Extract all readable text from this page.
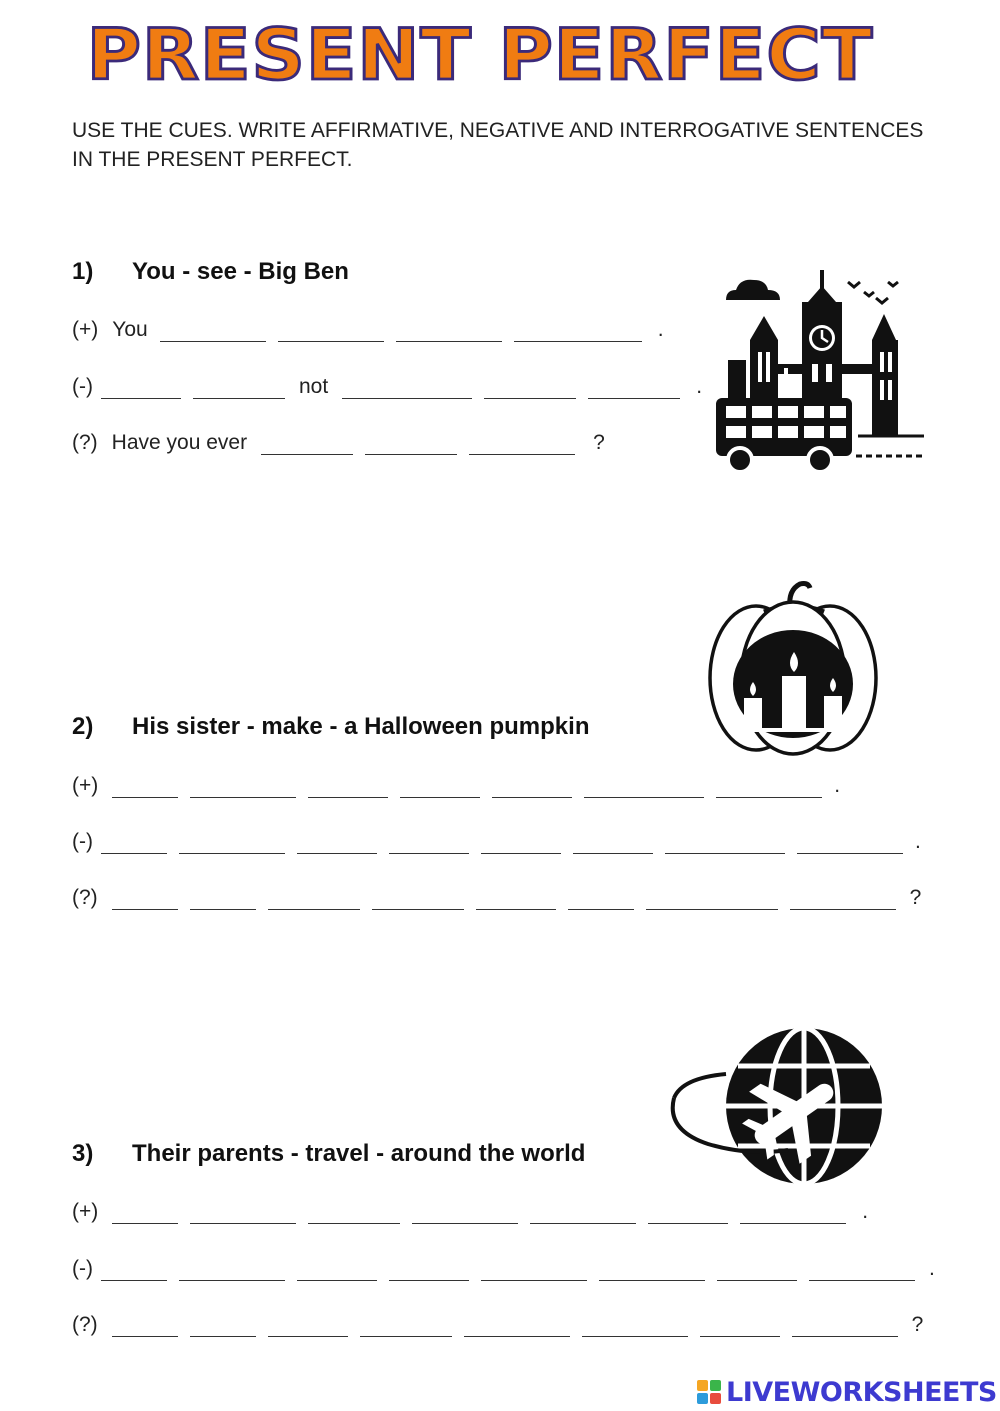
PRESENT PERFECT
USE THE CUES. WRITE AFFIRMATIVE, NEGATIVE AND INTERROGATIVE SENTENCES IN THE PRESENT PERFECT.
1) You - see - Big Ben
(+) You	.
(-)	not	.
(?) Have you ever	?
2) His sister - make - a Halloween pumpkin
(+)	.
(-)	.
(?)	?
3) Their parents - travel - around the world
(+)	.
(-)	.
(?)	?
LIVEWORKSHEETS
